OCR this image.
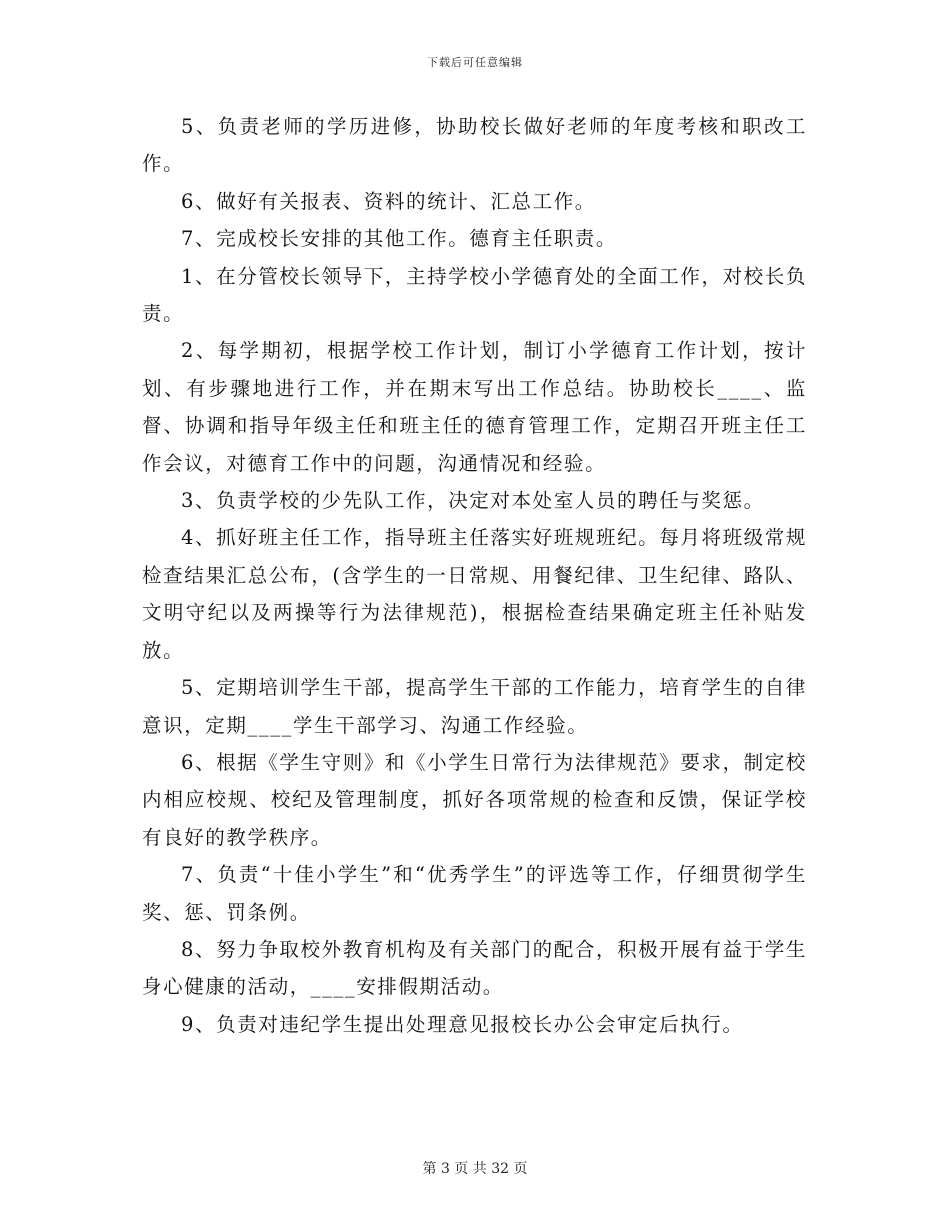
下载后可任意编辑

5、负责老师的学历进修，协助校长做好老师的年度考核和职改工作。

6、做好有关报表、资料的统计、汇总工作。

7、完成校长安排的其他工作。德育主任职责。

1、在分管校长领导下，主持学校小学德育处的全面工作，对校长负责。

2、每学期初，根据学校工作计划，制订小学德育工作计划，按计划、有步骤地进行工作，并在期末写出工作总结。协助校长____、监督、协调和指导年级主任和班主任的德育管理工作，定期召开班主任工作会议，对德育工作中的问题，沟通情况和经验。

3、负责学校的少先队工作，决定对本处室人员的聘任与奖惩。

4、抓好班主任工作，指导班主任落实好班规班纪。每月将班级常规检查结果汇总公布，(含学生的一日常规、用餐纪律、卫生纪律、路队、文明守纪以及两操等行为法律规范)，根据检查结果确定班主任补贴发放。

5、定期培训学生干部，提高学生干部的工作能力，培育学生的自律意识，定期____学生干部学习、沟通工作经验。

6、根据《学生守则》和《小学生日常行为法律规范》要求，制定校内相应校规、校纪及管理制度，抓好各项常规的检查和反馈，保证学校有良好的教学秩序。

7、负责“十佳小学生”和“优秀学生”的评选等工作，仔细贯彻学生奖、惩、罚条例。

8、努力争取校外教育机构及有关部门的配合，积极开展有益于学生身心健康的活动，____安排假期活动。

9、负责对违纪学生提出处理意见报校长办公会审定后执行。

第 3 页 共 32 页
